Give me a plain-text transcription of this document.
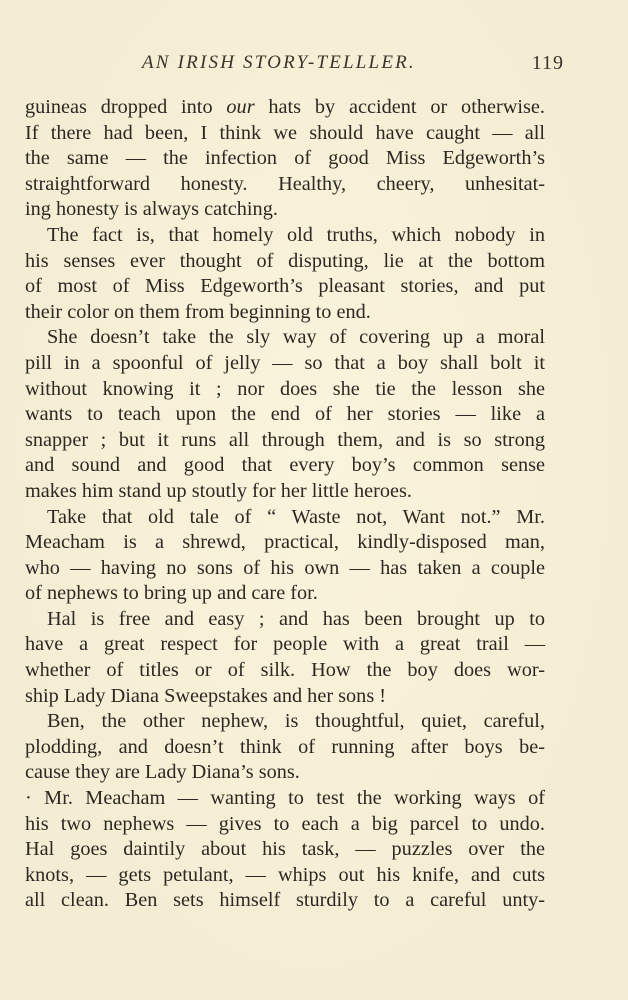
AN IRISH STORY-TELLLER.	119
guineas dropped into our hats by accident or otherwise.
If there had been, I think we should have caught — all
the same — the infection of good Miss Edgeworth’s
straightforward honesty. Healthy, cheery, unhesitat-
ing honesty is always catching.
The fact is, that homely old truths, which nobody in
his senses ever thought of disputing, lie at the bottom
of most of Miss Edgeworth’s pleasant stories, and put
their color on them from beginning to end.
She doesn’t take the sly way of covering up a moral
pill in a spoonful of jelly — so that a boy shall bolt it
without knowing it ; nor does she tie the lesson she
wants to teach upon the end of her stories — like a
snapper ; but it runs all through them, and is so strong
and sound and good that every boy’s common sense
makes him stand up stoutly for her little heroes.
Take that old tale of “ Waste not, Want not.” Mr.
Meacham is a shrewd, practical, kindly-disposed man,
who — having no sons of his own — has taken a couple
of nephews to bring up and care for.
Hal is free and easy ; and has been brought up to
have a great respect for people with a great trail —
whether of titles or of silk. How the boy does wor-
ship Lady Diana Sweepstakes and her sons !
Ben, the other nephew, is thoughtful, quiet, careful,
plodding, and doesn’t think of running after boys be-
cause they are Lady Diana’s sons.
· Mr. Meacham — wanting to test the working ways of
his two nephews — gives to each a big parcel to undo.
Hal goes daintily about his task, — puzzles over the
knots, — gets petulant, — whips out his knife, and cuts
all clean. Ben sets himself sturdily to a careful unty-
